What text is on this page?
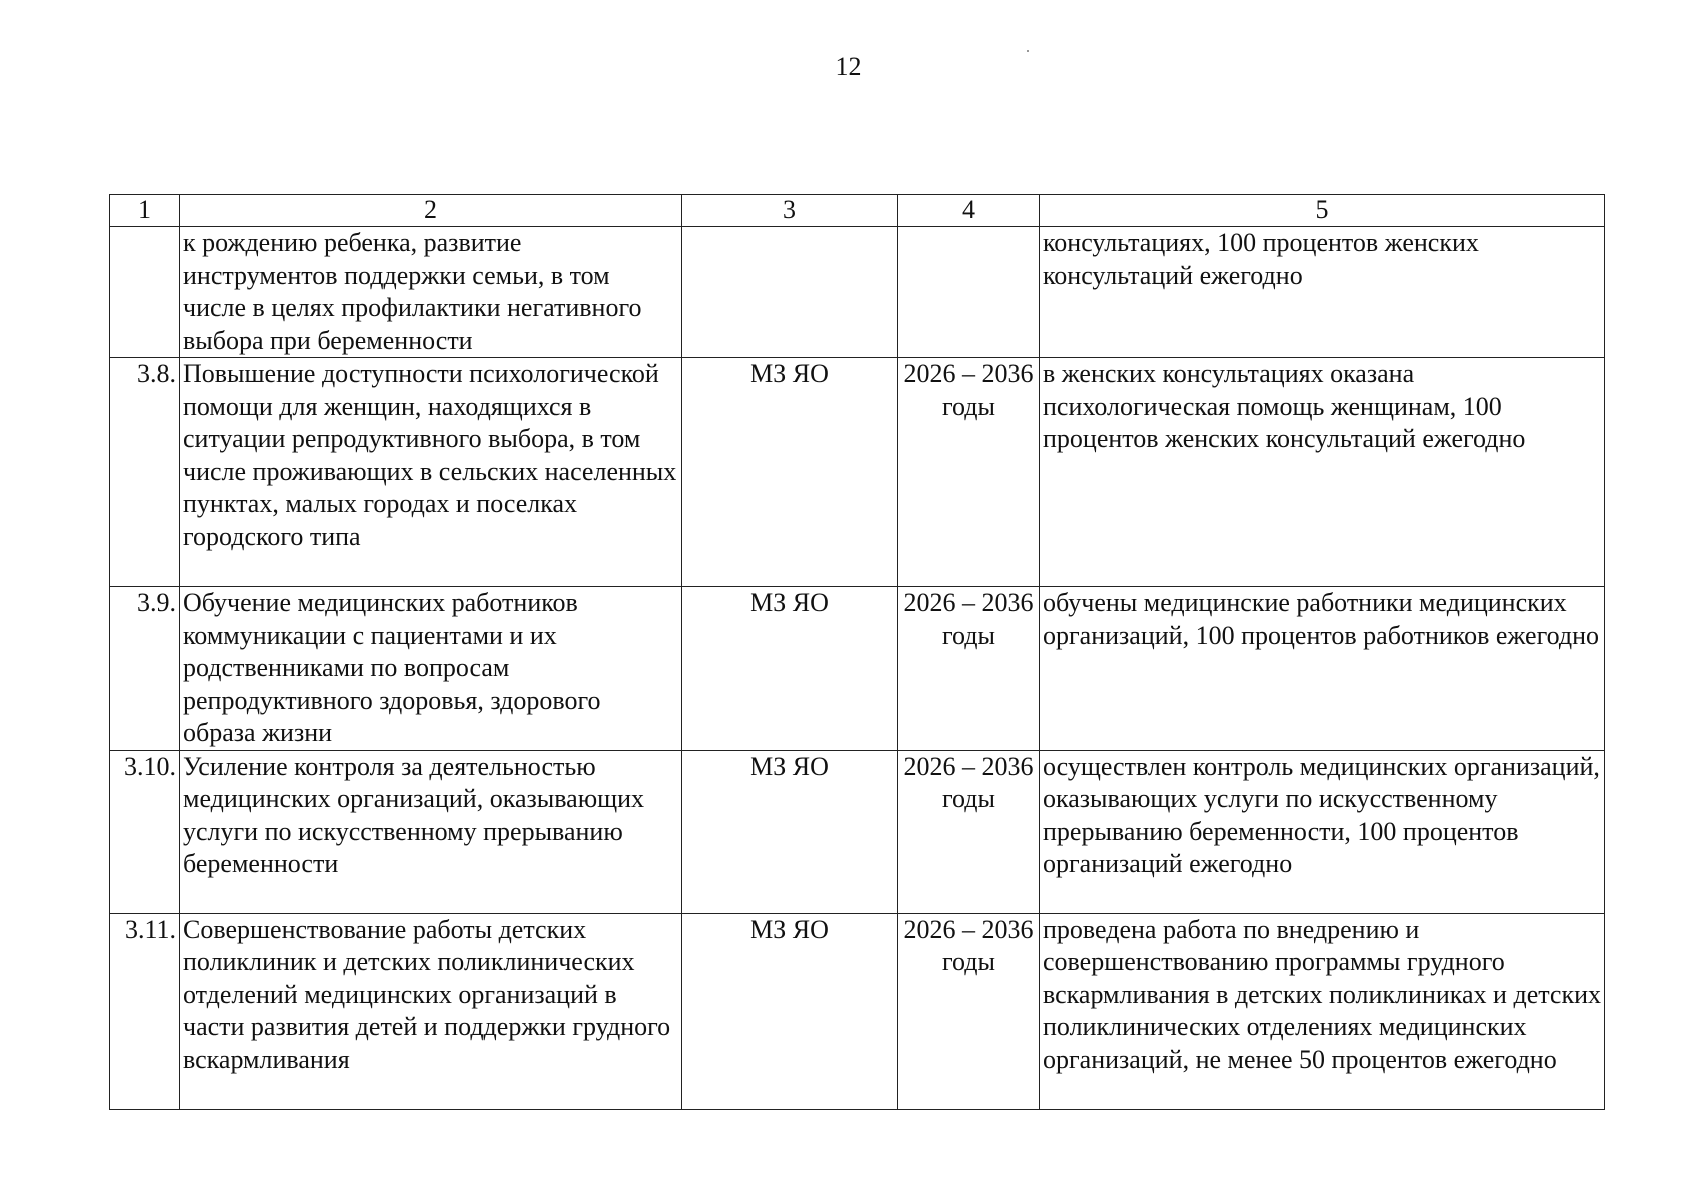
12
1	2	3	4	5
	к рождению ребенка, развитие инструментов поддержки семьи, в том числе в целях профилактики негативного выбора при беременности			консультациях, 100 процентов женских консультаций ежегодно
3.8.	Повышение доступности психологической помощи для женщин, находящихся в ситуации репродуктивного выбора, в том числе проживающих в сельских населенных пунктах, малых городах и поселках городского типа	МЗ ЯО	2026 – 2036 годы	в женских консультациях оказана психологическая помощь женщинам, 100 процентов женских консультаций ежегодно
3.9.	Обучение медицинских работников коммуникации с пациентами и их родственниками по вопросам репродуктивного здоровья, здорового образа жизни	МЗ ЯО	2026 – 2036 годы	обучены медицинские работники медицинских организаций, 100 процентов работников ежегодно
3.10.	Усиление контроля за деятельностью медицинских организаций, оказывающих услуги по искусственному прерыванию беременности	МЗ ЯО	2026 – 2036 годы	осуществлен контроль медицинских организаций, оказывающих услуги по искусственному прерыванию беременности, 100 процентов организаций ежегодно
3.11.	Совершенствование работы детских поликлиник и детских поликлинических отделений медицинских организаций в части развития детей и поддержки грудного вскармливания	МЗ ЯО	2026 – 2036 годы	проведена работа по внедрению и совершенствованию программы грудного вскармливания в детских поликлиниках и детских поликлинических отделениях медицинских организаций, не менее 50 процентов ежегодно
